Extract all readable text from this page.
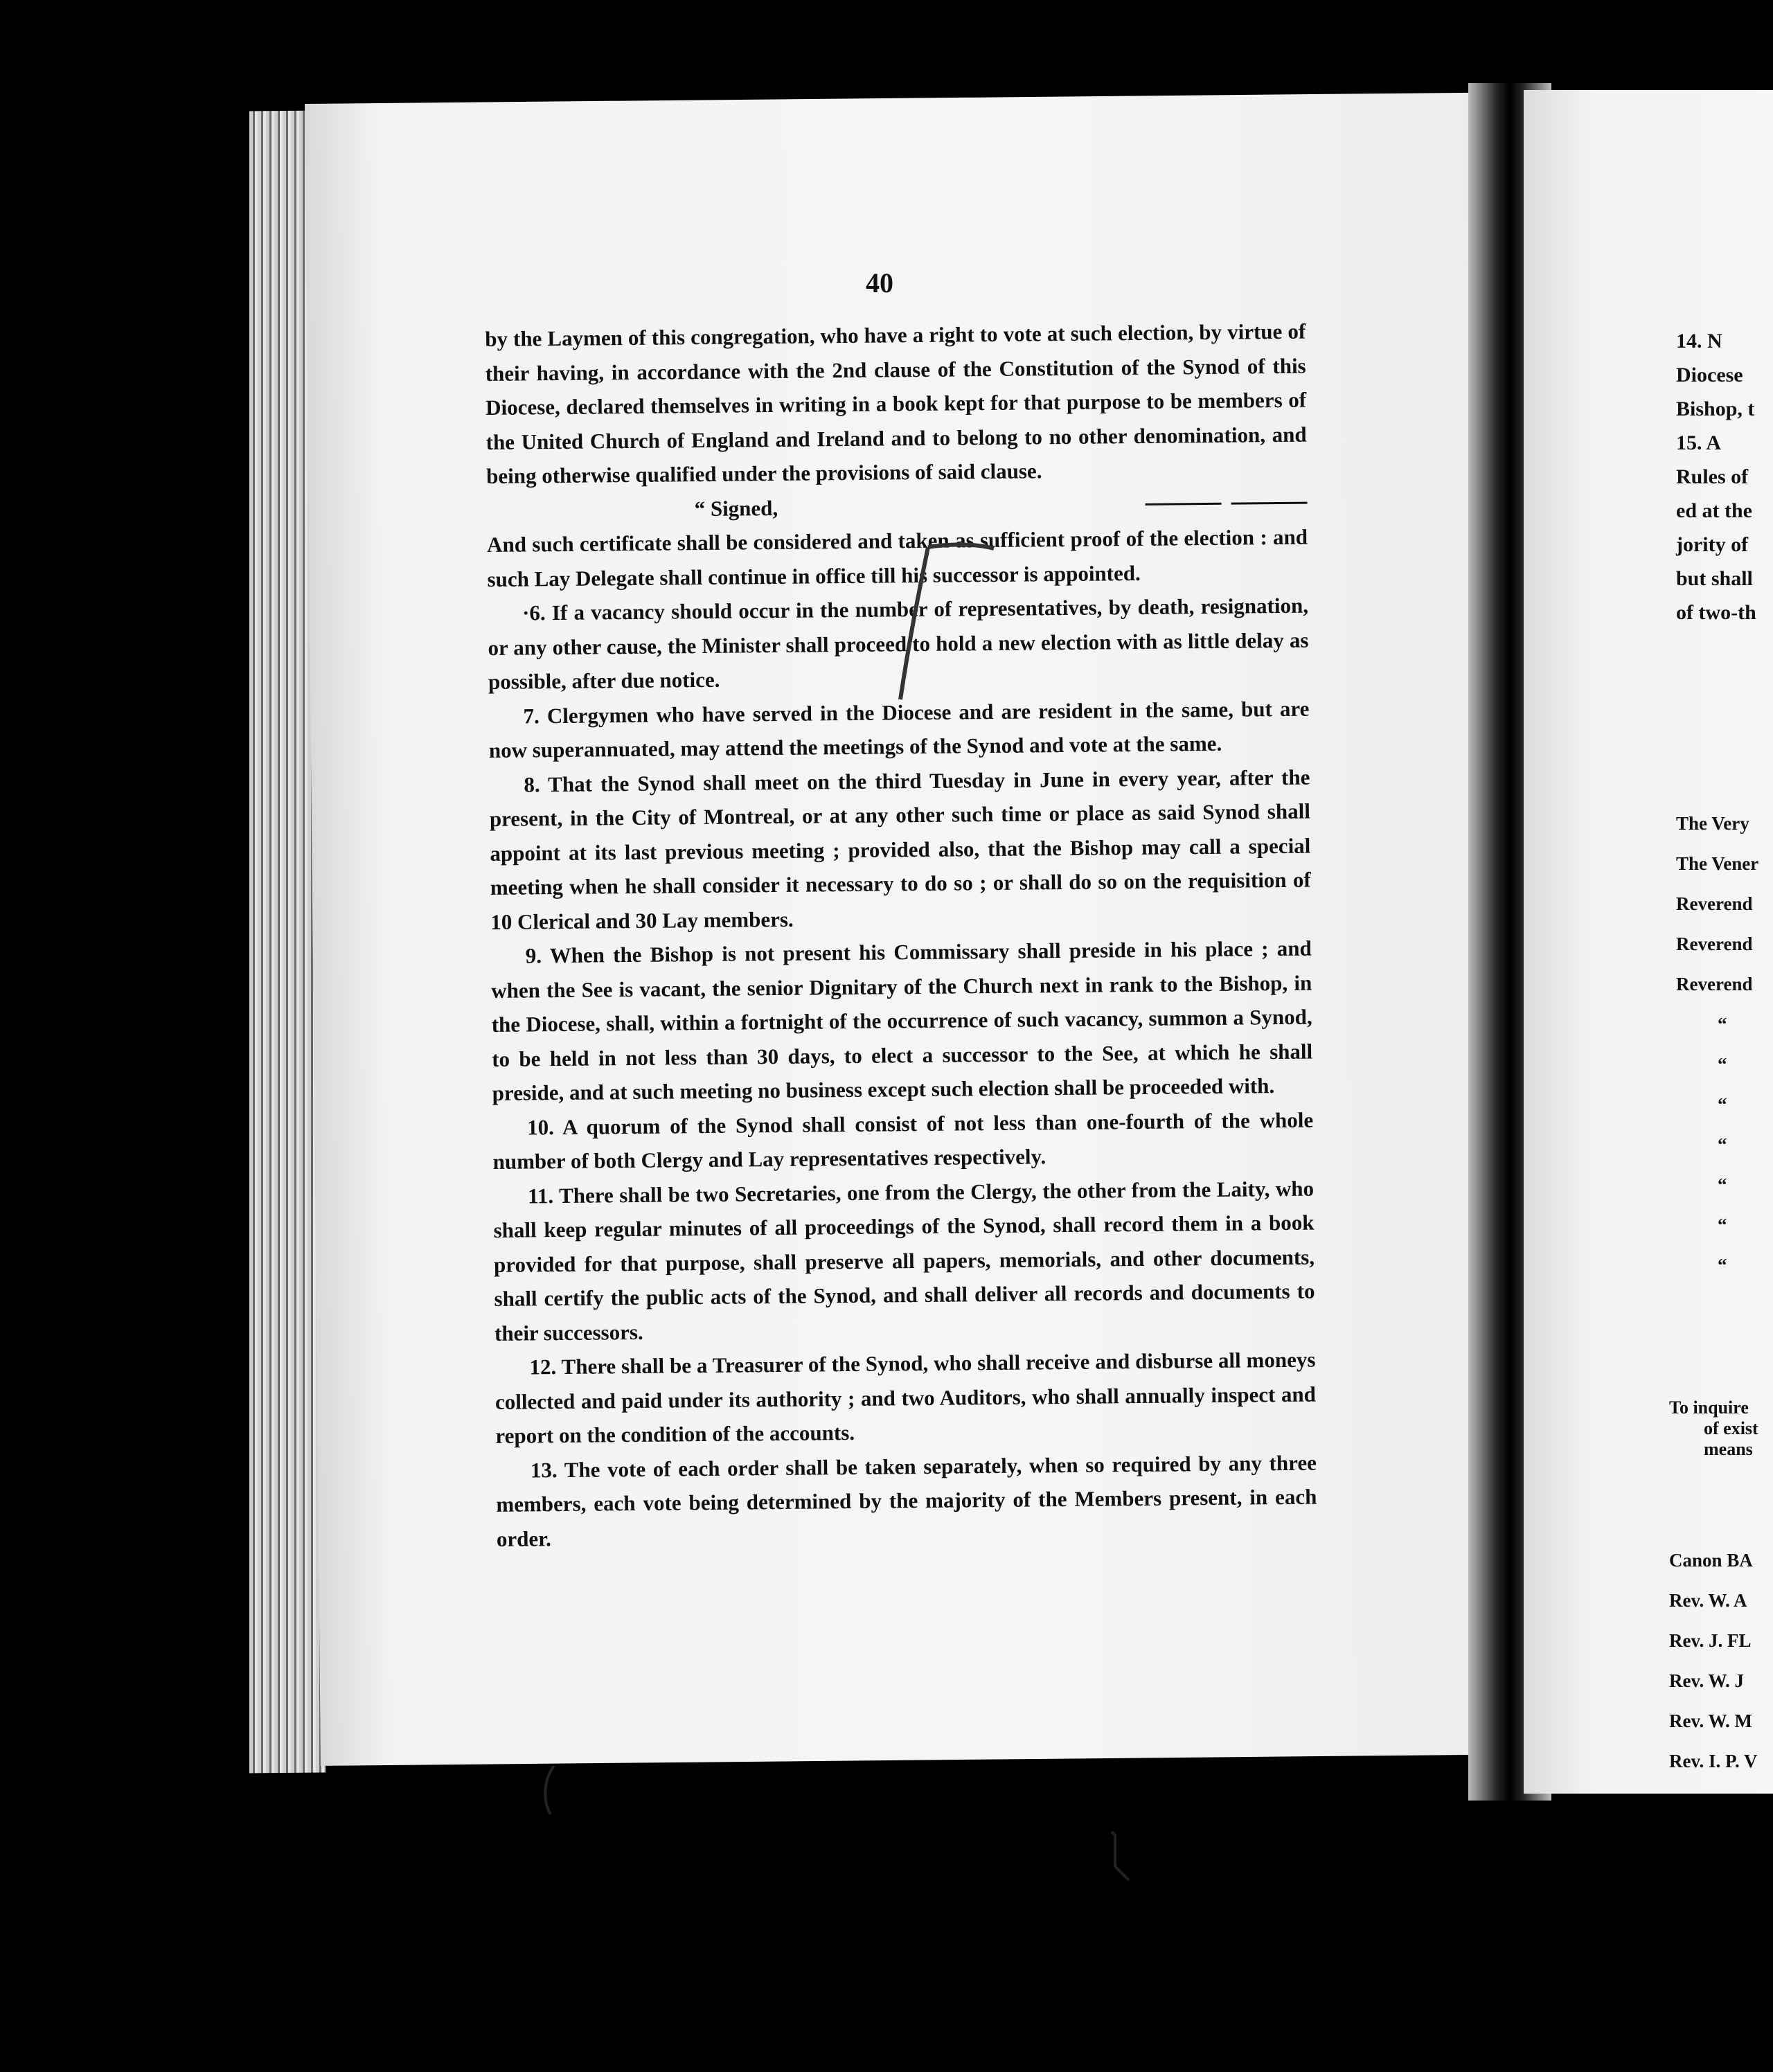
40

by the Laymen of this congregation, who have a right to vote at such election, by virtue of their having, in accordance with the 2nd clause of the Constitution of the Synod of this Diocese, declared themselves in writing in a book kept for that purpose to be members of the United Church of England and Ireland and to belong to no other denomination, and being otherwise qualified under the provisions of said clause.

“ Signed,

And such certificate shall be considered and taken as sufficient proof of the election : and such Lay Delegate shall continue in office till his successor is appointed.

·6. If a vacancy should occur in the number of representatives, by death, resignation, or any other cause, the Minister shall proceed to hold a new election with as little delay as possible, after due notice.

7. Clergymen who have served in the Diocese and are resident in the same, but are now superannuated, may attend the meetings of the Synod and vote at the same.

8. That the Synod shall meet on the third Tuesday in June in every year, after the present, in the City of Montreal, or at any other such time or place as said Synod shall appoint at its last previous meeting ; provided also, that the Bishop may call a special meeting when he shall consider it necessary to do so ; or shall do so on the requisition of 10 Clerical and 30 Lay members.

9. When the Bishop is not present his Commissary shall preside in his place ; and when the See is vacant, the senior Dignitary of the Church next in rank to the Bishop, in the Diocese, shall, within a fortnight of the occurrence of such vacancy, summon a Synod, to be held in not less than 30 days, to elect a successor to the See, at which he shall preside, and at such meeting no business except such election shall be proceeded with.

10. A quorum of the Synod shall consist of not less than one-fourth of the whole number of both Clergy and Lay representatives respectively.

11. There shall be two Secretaries, one from the Clergy, the other from the Laity, who shall keep regular minutes of all proceedings of the Synod, shall record them in a book provided for that purpose, shall preserve all papers, memorials, and other documents, shall certify the public acts of the Synod, and shall deliver all records and documents to their successors.

12. There shall be a Treasurer of the Synod, who shall receive and disburse all moneys collected and paid under its authority ; and two Auditors, who shall annually inspect and report on the condition of the accounts.

13. The vote of each order shall be taken separately, when so required by any three members, each vote being determined by the majority of the Members present, in each order.

14. N
Diocese
Bishop, t
15. A
Rules of
ed at the
jority of
but shall
of two-th
The Very
The Vener
Reverend
Reverend
Reverend
“
“
“
“
“
“
“
To inquire
of exist
means
Canon BA
Rev. W. A
Rev. J. FL
Rev. W. J
Rev. W. M
Rev. I. P. V
